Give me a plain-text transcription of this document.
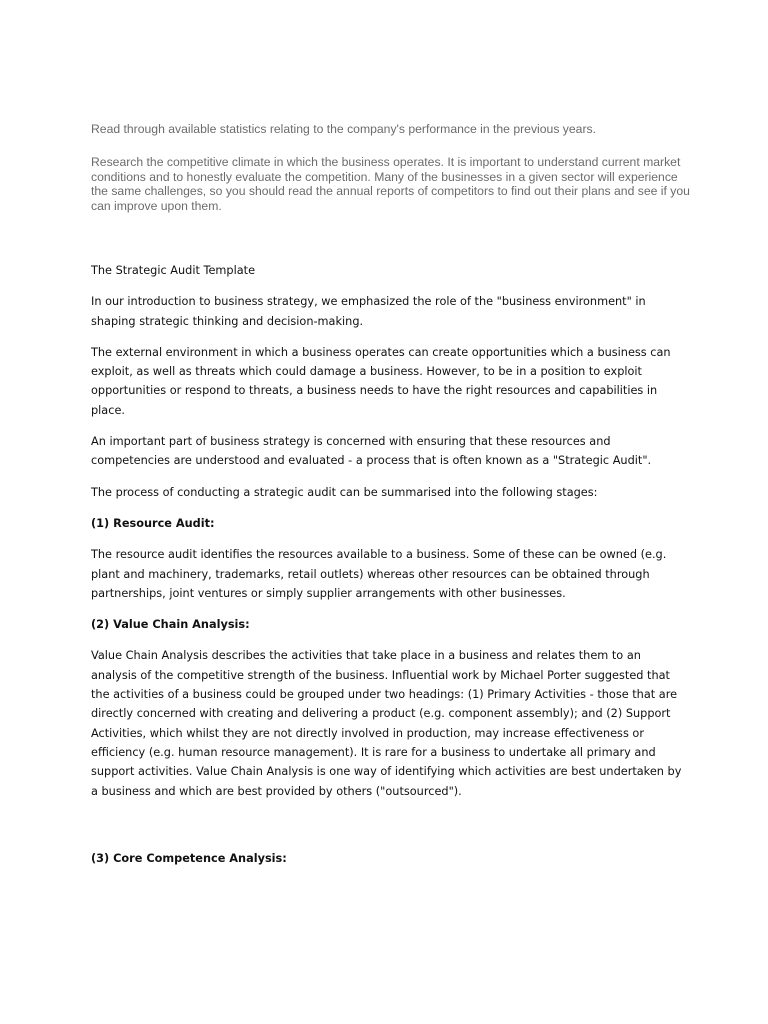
Read through available statistics relating to the company's performance in the previous years.

Research the competitive climate in which the business operates. It is important to understand current market conditions and to honestly evaluate the competition. Many of the businesses in a given sector will experience the same challenges, so you should read the annual reports of competitors to find out their plans and see if you can improve upon them.

The Strategic Audit Template

In our introduction to business strategy, we emphasized the role of the "business environment" in shaping strategic thinking and decision-making.

The external environment in which a business operates can create opportunities which a business can exploit, as well as threats which could damage a business. However, to be in a position to exploit opportunities or respond to threats, a business needs to have the right resources and capabilities in place.

An important part of business strategy is concerned with ensuring that these resources and competencies are understood and evaluated - a process that is often known as a "Strategic Audit".

The process of conducting a strategic audit can be summarised into the following stages:

(1) Resource Audit:

The resource audit identifies the resources available to a business. Some of these can be owned (e.g. plant and machinery, trademarks, retail outlets) whereas other resources can be obtained through partnerships, joint ventures or simply supplier arrangements with other businesses.

(2) Value Chain Analysis:

Value Chain Analysis describes the activities that take place in a business and relates them to an analysis of the competitive strength of the business. Influential work by Michael Porter suggested that the activities of a business could be grouped under two headings: (1) Primary Activities - those that are directly concerned with creating and delivering a product (e.g. component assembly); and (2) Support Activities, which whilst they are not directly involved in production, may increase effectiveness or efficiency (e.g. human resource management). It is rare for a business to undertake all primary and support activities. Value Chain Analysis is one way of identifying which activities are best undertaken by a business and which are best provided by others ("outsourced").

(3) Core Competence Analysis:
